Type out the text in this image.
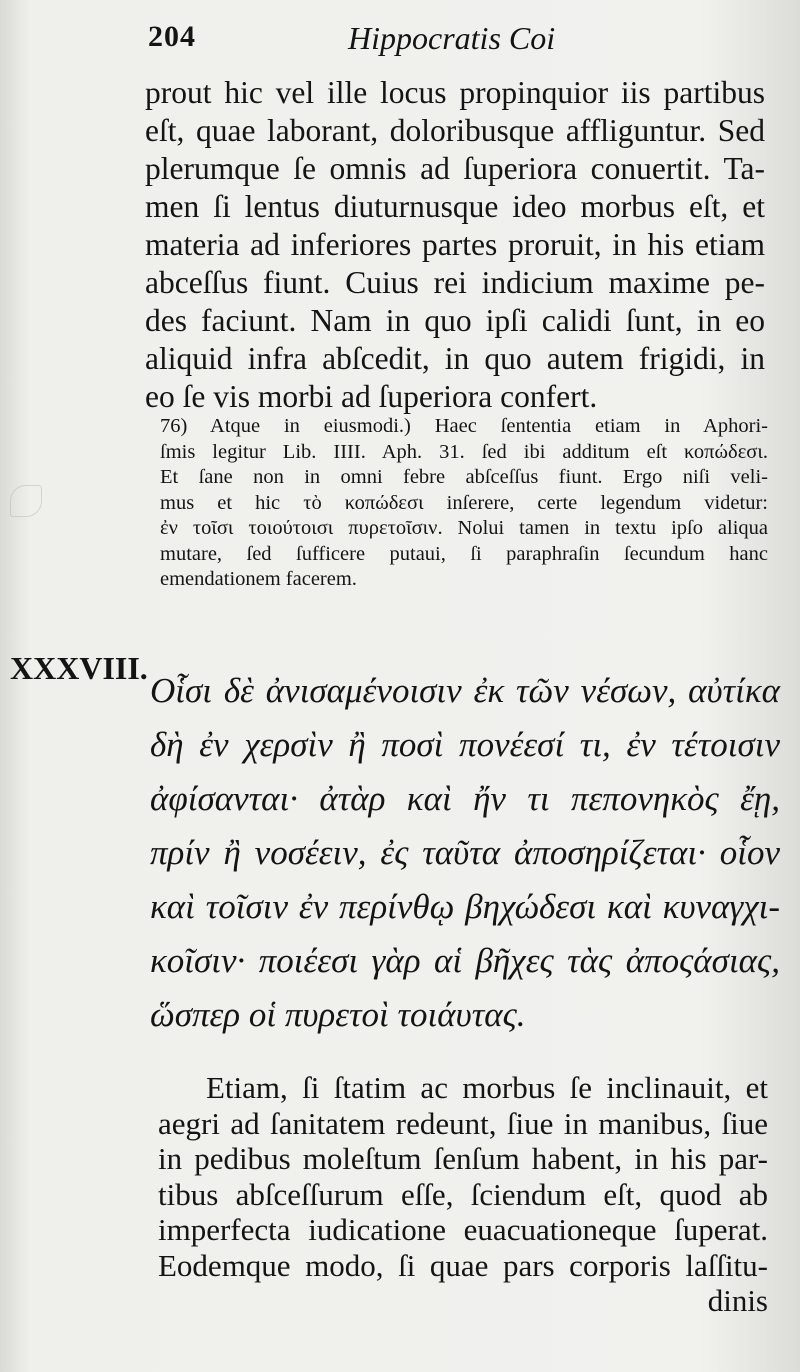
204	Hippocratis Coi
prout hic vel ille locus propinquior iis partibus
eſt, quae laborant, doloribusque affliguntur. Sed
plerumque ſe omnis ad ſuperiora conuertit. Ta-
men ſi lentus diuturnusque ideo morbus eſt, et
materia ad inferiores partes proruit, in his etiam
abceſſus fiunt. Cuius rei indicium maxime pe-
des faciunt. Nam in quo ipſi calidi ſunt, in eo
aliquid infra abſcedit, in quo autem frigidi, in
eo ſe vis morbi ad ſuperiora confert.
76) Atque in eiusmodi.) Haec ſententia etiam in Aphori-
ſmis legitur Lib. IIII. Aph. 31. ſed ibi additum eſt κοπώδεσι.
Et ſane non in omni febre abſceſſus fiunt. Ergo niſi veli-
mus et hic τὸ κοπώδεσι inſerere, certe legendum videtur:
ἐν τοῖσι τοιούτοισι πυρετοῖσιν. Nolui tamen in textu ipſo aliqua
mutare, ſed ſufficere putaui, ſi paraphraſin ſecundum hanc
emendationem facerem.
XXXVIII.
Οἷσι δὲ ἀνισαμένοισιν ἐκ τῶν νέσων, αὐτίκα
δὴ ἐν χερσὶν ἢ ποσὶ πονέεσί τι, ἐν τέτοισιν
ἀφίσανται· ἀτὰρ καὶ ἤν τι πεπονηκὸς ἔῃ,
πρίν ἢ νοσέειν, ἐς ταῦτα ἀποσηρίζεται· οἷον
καὶ τοῖσιν ἐν περίνθῳ βηχώδεσι καὶ κυναγχι-
κοῖσιν· ποιέεσι γὰρ αἱ βῆχες τὰς ἀποςάσιας,
ὥσπερ οἱ πυρετοὶ τοιάυτας.
Etiam, ſi ſtatim ac morbus ſe inclinauit, et
aegri ad ſanitatem redeunt, ſiue in manibus, ſiue
in pedibus moleſtum ſenſum habent, in his par-
tibus abſceſſurum eſſe, ſciendum eſt, quod ab
imperfecta iudicatione euacuationeque ſuperat.
Eodemque modo, ſi quae pars corporis laſſitu-
dinis
